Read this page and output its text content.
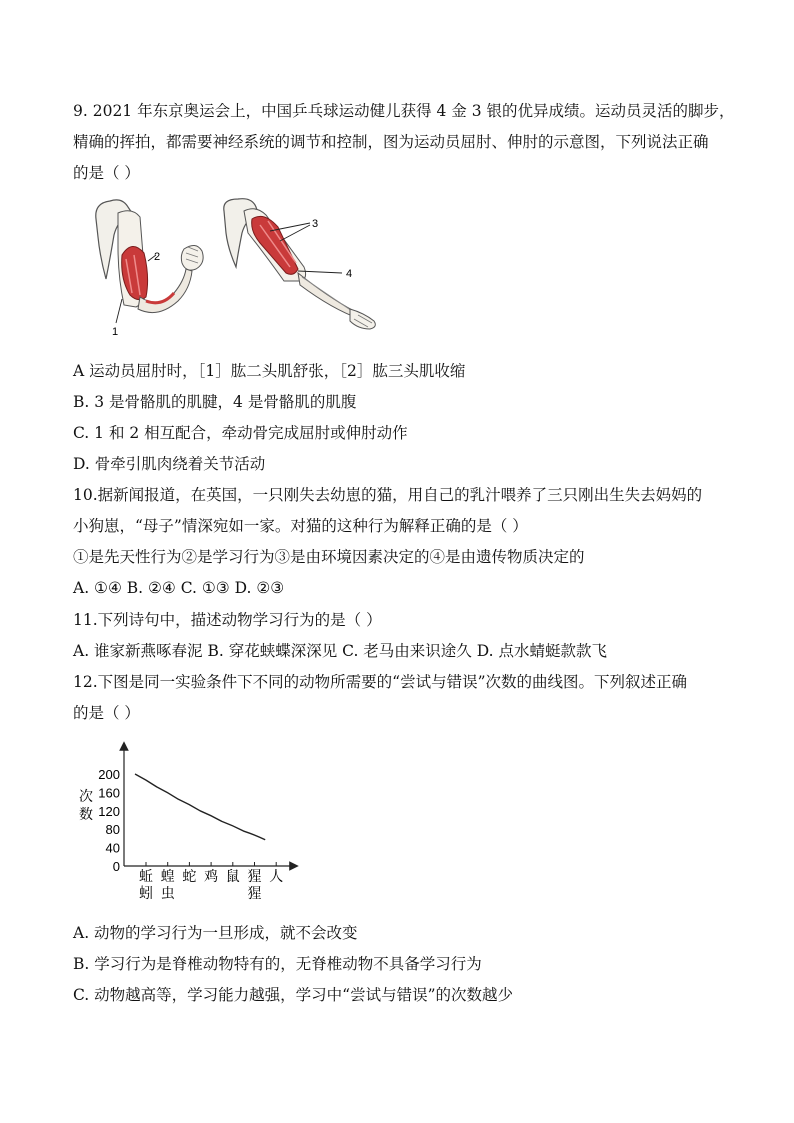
9. 2021 年东京奥运会上，中国乒乓球运动健儿获得 4 金 3 银的优异成绩。运动员灵活的脚步，
精确的挥拍，都需要神经系统的调节和控制，图为运动员屈肘、伸肘的示意图，下列说法正确
的是（ ）
2
1
3
4
A 运动员屈肘时，［1］肱二头肌舒张，［2］肱三头肌收缩
B. 3 是骨骼肌的肌腱，4 是骨骼肌的肌腹
C. 1 和 2 相互配合，牵动骨完成屈肘或伸肘动作
D. 骨牵引肌肉绕着关节活动
10.据新闻报道，在英国，一只刚失去幼崽的猫，用自己的乳汁喂养了三只刚出生失去妈妈的
小狗崽，“母子”情深宛如一家。对猫的这种行为解释正确的是（ ）
①是先天性行为②是学习行为③是由环境因素决定的④是由遗传物质决定的
A. ①④ B. ②④ C. ①③ D. ②③
11.下列诗句中，描述动物学习行为的是（ ）
A. 谁家新燕啄春泥 B. 穿花蛱蝶深深见 C. 老马由来识途久 D. 点水蜻蜓款款飞
12.下图是同一实验条件下不同的动物所需要的“尝试与错误”次数的曲线图。下列叙述正确
的是（ ）
次
数
200
160
120
80
40
0
蚯
蚓
蝗
虫
蛇 鸡 鼠 猩
猩
人
A. 动物的学习行为一旦形成，就不会改变
B. 学习行为是脊椎动物特有的，无脊椎动物不具备学习行为
C. 动物越高等，学习能力越强，学习中“尝试与错误”的次数越少
